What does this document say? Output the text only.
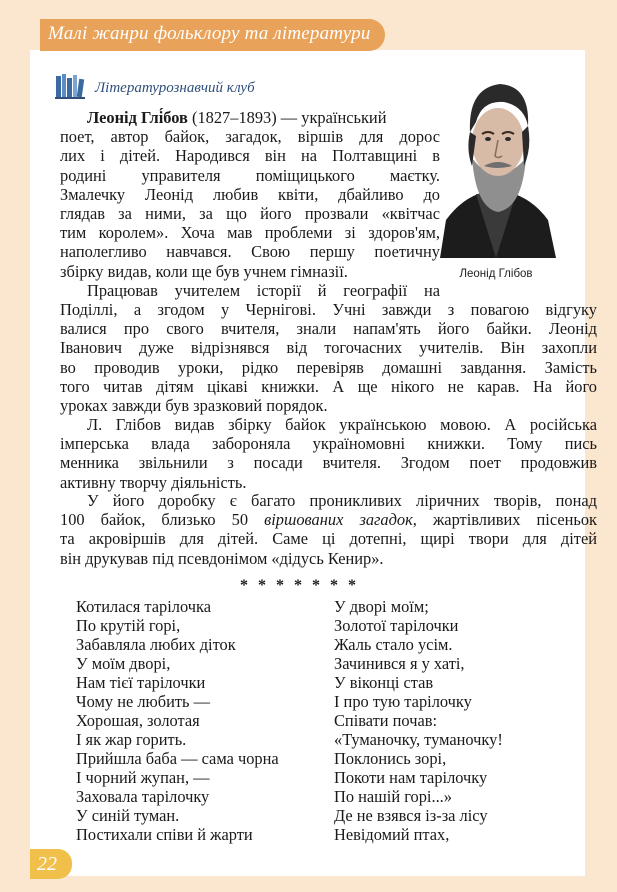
Малі жанри фольклору та літератури
Літературознавчий клуб
Леонід Глібов
Леонід Глі́бов (1827–1893) — український
поет, автор байок, загадок, віршів для дорос
лих і дітей. Народився він на Полтавщині в
родині управителя поміщицького маєтку.
Змалечку Леонід любив квіти, дбайливо до
глядав за ними, за що його прозвали «квітчас
тим королем». Хоча мав проблеми зі здоров'ям,
наполегливо навчався. Свою першу поетичну
збірку видав, коли ще був учнем гімназії.
Працював учителем історії й географії на
Поділлі, а згодом у Чернігові. Учні завжди з повагою відгуку
валися про свого вчителя, знали напам'ять його байки. Леонід
Іванович дуже відрізнявся від тогочасних учителів. Він захопли
во проводив уроки, рідко перевіряв домашні завдання. Замість
того читав дітям цікаві книжки. А ще нікого не карав. На його
уроках завжди був зразковий порядок.
Л. Глібов видав збірку байок українською мовою. А російська
імперська влада забороняла україномовні книжки. Тому пись
менника звільнили з посади вчителя. Згодом поет продовжив
активну творчу діяльність.
У його доробку є багато проникливих ліричних творів, понад
100 байок, близько 50 віршованих загадок, жартівливих пісеньок
та акровіршів для дітей. Саме ці дотепні, щирі твори для дітей
він друкував під псевдонімом «дідусь Кенир».
* * * * * * *
Котилася тарілочка
По крутій горі,
Забавляла любих діток
У моїм дворі,
Нам тієї тарілочки
Чому не любить —
Хорошая, золотая
І як жар горить.
Прийшла баба — сама чорна
І чорний жупан, —
Заховала тарілочку
У синій туман.
Постихали співи й жарти
У дворі моїм;
Золотої тарілочки
Жаль стало усім.
Зачинився я у хаті,
У віконці став
І про тую тарілочку
Співати почав:
«Туманочку, туманочку!
Поклонись зорі,
Покоти нам тарілочку
По нашій горі...»
Де не взявся із-за лісу
Невідомий птах,
22
